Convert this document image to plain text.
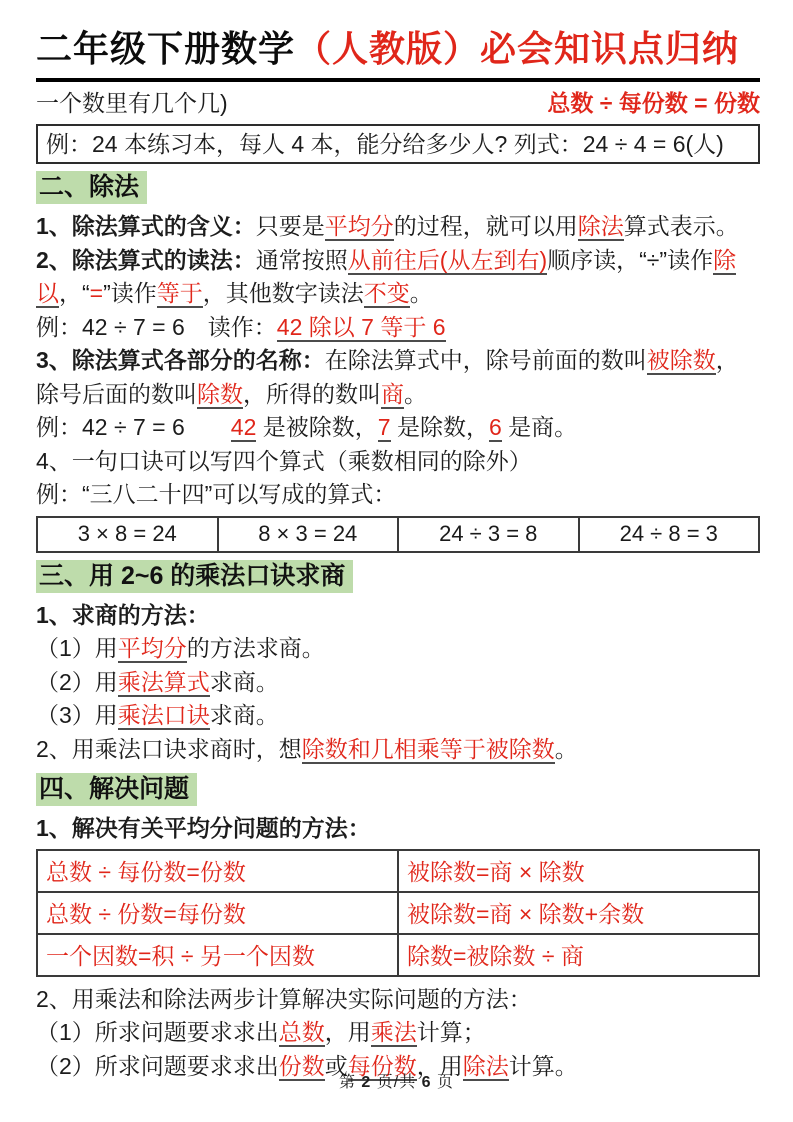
二年级下册数学（人教版）必会知识点归纳
一个数里有几个几)	总数 ÷ 每份数 = 份数
例：24 本练习本，每人 4 本，能分给多少人? 列式：24 ÷ 4 = 6(人)
二、除法

1、除法算式的含义：只要是平均分的过程，就可以用除法算式表示。

2、除法算式的读法：通常按照从前往后(从左到右)顺序读，“÷”读作除以，“=”读作等于，其他数字读法不变。

例：42 ÷ 7 = 6　读作：42 除以 7 等于 6

3、除法算式各部分的名称：在除法算式中，除号前面的数叫被除数，除号后面的数叫除数，所得的数叫商。

例：42 ÷ 7 = 6　　42 是被除数，7 是除数，6 是商。

4、一句口诀可以写四个算式（乘数相同的除外）

例：“三八二十四”可以写成的算式：

3 × 8 = 24	8 × 3 = 24	24 ÷ 3 = 8	24 ÷ 8 = 3
三、用 2~6 的乘法口诀求商

1、求商的方法：

（1）用平均分的方法求商。

（2）用乘法算式求商。

（3）用乘法口诀求商。

2、用乘法口诀求商时，想除数和几相乘等于被除数。

四、解决问题

1、解决有关平均分问题的方法：

总数 ÷ 每份数=份数	被除数=商 × 除数
总数 ÷ 份数=每份数	被除数=商 × 除数+余数
一个因数=积 ÷ 另一个因数	除数=被除数 ÷ 商

2、用乘法和除法两步计算解决实际问题的方法：

（1）所求问题要求求出总数，用乘法计算；

（2）所求问题要求求出份数或每份数，用除法计算。

第 2 页/共 6 页
